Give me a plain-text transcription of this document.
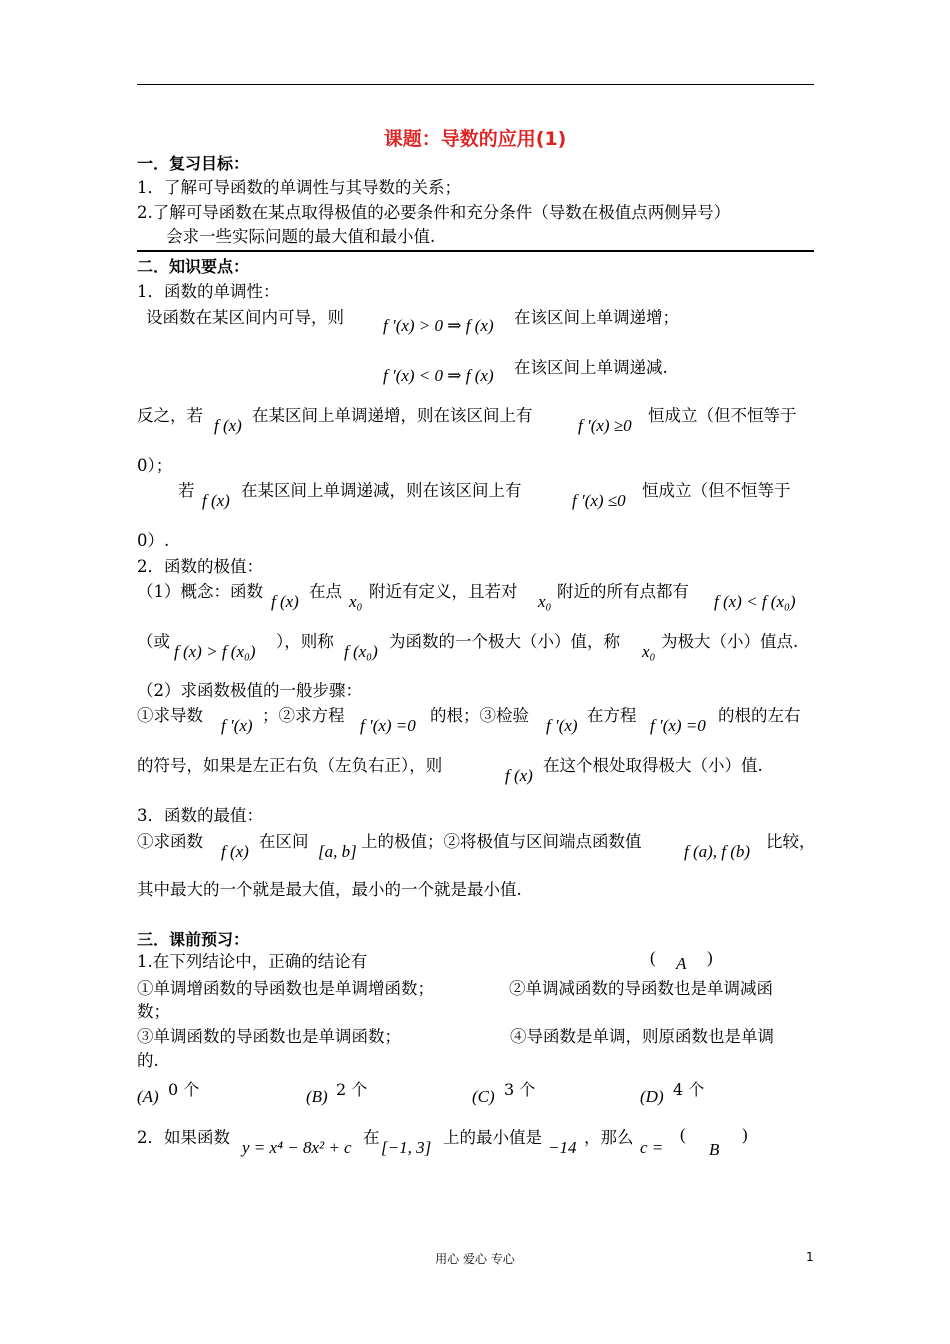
课题：导数的应用(1)
一．复习目标：
1．了解可导函数的单调性与其导数的关系；
2.了解可导函数在某点取得极值的必要条件和充分条件（导数在极值点两侧异号）
会求一些实际问题的最大值和最小值.
二．知识要点：
1．函数的单调性：
设函数在某区间内可导，则 f ′(x) > 0 ⇒ f (x) 在该区间上单调递增；
f ′(x) < 0 ⇒ f (x) 在该区间上单调递减.
反之，若
f (x)
在某区间上单调递增，则在该区间上有
f ′(x) ≥0
恒成立（但不恒等于
0）；
若
f (x)
在某区间上单调递减，则在该区间上有
f ′(x) ≤0
恒成立（但不恒等于
0）.
2．函数的极值：
（1）概念：函数
f (x)
在点
x₀
附近有定义，且若对
x₀
附近的所有点都有
f (x) < f (x₀)
（或
f (x) > f (x₀)
），则称
f (x₀)
为函数的一个极大（小）值，称
x₀
为极大（小）值点.
（2）求函数极值的一般步骤：
①求导数
f ′(x)
；②求方程
f ′(x) =0
的根；③检验
f ′(x)
在方程
f ′(x) =0
的根的左右
的符号，如果是左正右负（左负右正），则
f (x)
在这个根处取得极大（小）值.
3．函数的最值：
①求函数
f (x)
在区间
[a, b]
上的极值；②将极值与区间端点函数值
f (a), f (b)
比较，
其中最大的一个就是最大值，最小的一个就是最小值.
三．课前预习：
1.在下列结论中，正确的结论有	( A )
①单调增函数的导函数也是单调增函数；	②单调减函数的导函数也是单调减函
数；
③单调函数的导函数也是单调函数；	④导函数是单调，则原函数也是单调
的.
(A) 0 个	(B) 2 个	(C) 3 个	(D) 4 个
2．如果函数
y = x⁴ − 8x² + c
在
[−1, 3]
上的最小值是
−14
，那么
c =
(
B
)
用心 爱心 专心	1
